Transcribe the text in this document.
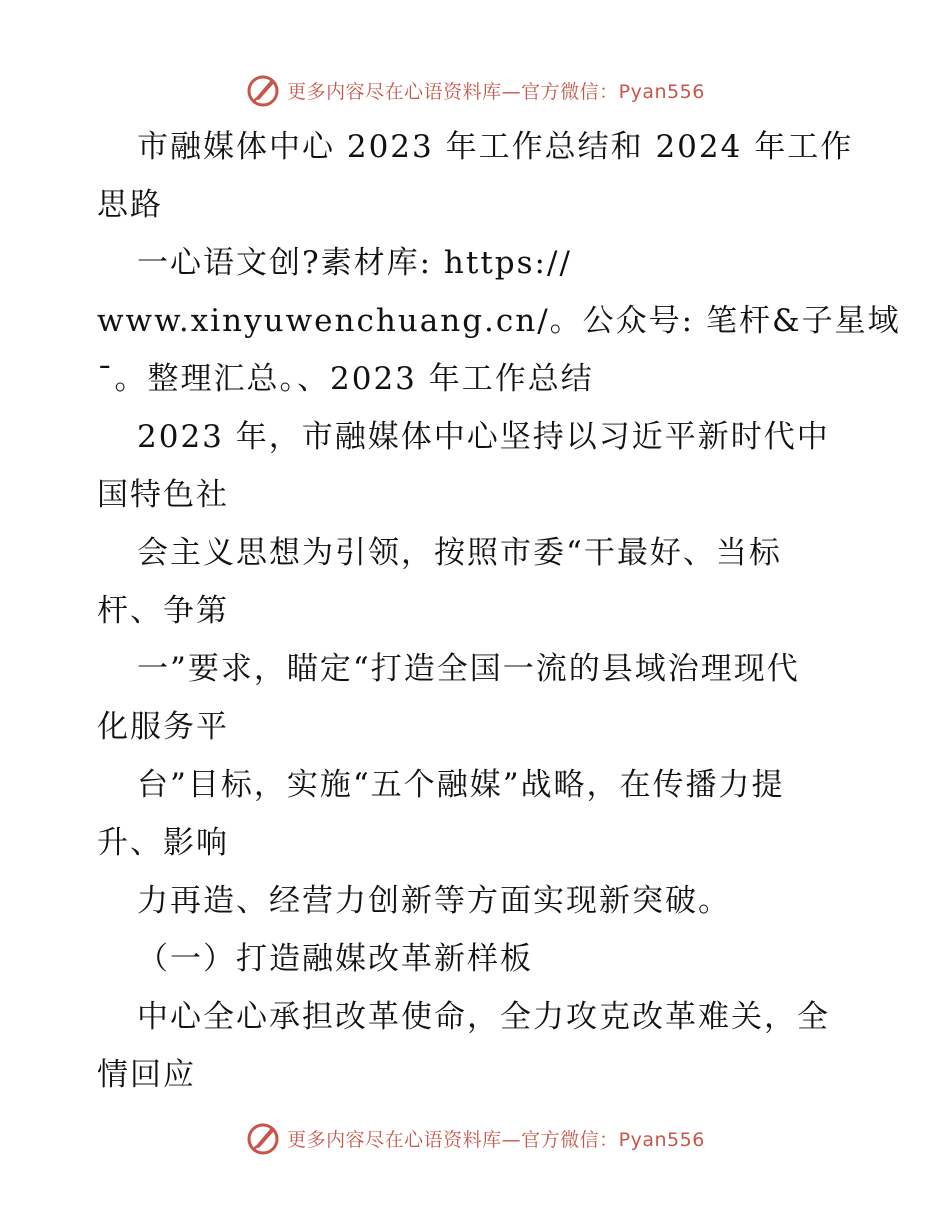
更多内容尽在心语资料库—官方微信：Pyan556
市融媒体中心 2023 年工作总结和 2024 年工作
思路
一心语文创?素材库: https://
www.xinyuwenchuang.cn/。公众号: 笔杆&子星域
¯。整理汇总。、2023 年工作总结
2023 年，市融媒体中心坚持以习近平新时代中
国特色社
会主义思想为引领，按照市委“干最好、当标
杆、争第
一”要求，瞄定“打造全国一流的县域治理现代
化服务平
台”目标，实施“五个融媒”战略，在传播力提
升、影响
力再造、经营力创新等方面实现新突破。
（一）打造融媒改革新样板
中心全心承担改革使命，全力攻克改革难关，全
情回应
更多内容尽在心语资料库—官方微信：Pyan556
